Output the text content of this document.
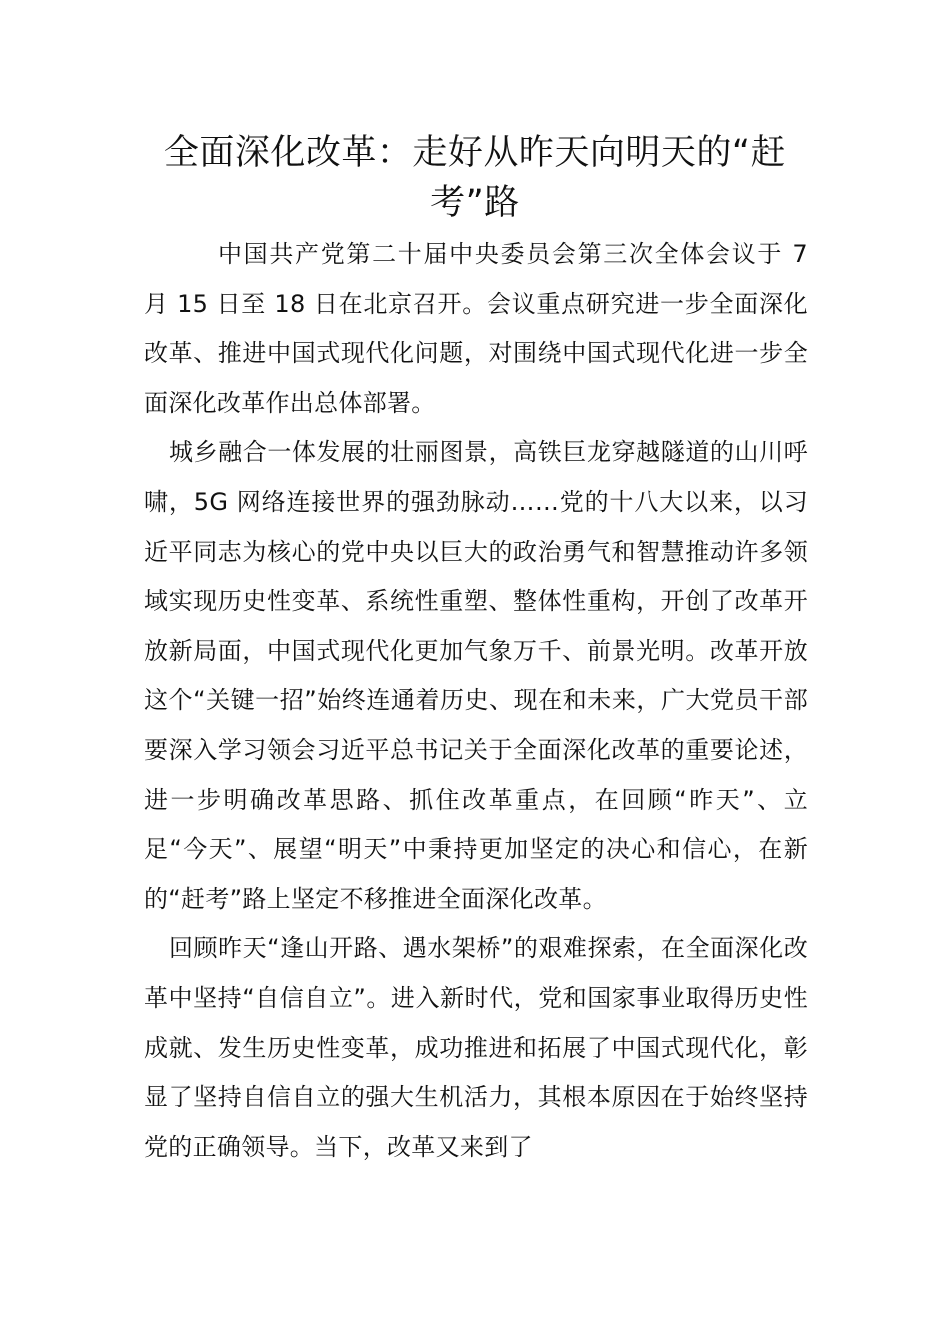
全面深化改革：走好从昨天向明天的“赶考”路

中国共产党第二十届中央委员会第三次全体会议于 7 月 15 日至 18 日在北京召开。会议重点研究进一步全面深化改革、推进中国式现代化问题，对围绕中国式现代化进一步全面深化改革作出总体部署。

城乡融合一体发展的壮丽图景，高铁巨龙穿越隧道的山川呼啸，5G 网络连接世界的强劲脉动……党的十八大以来，以习近平同志为核心的党中央以巨大的政治勇气和智慧推动许多领域实现历史性变革、系统性重塑、整体性重构，开创了改革开放新局面，中国式现代化更加气象万千、前景光明。改革开放这个“关键一招”始终连通着历史、现在和未来，广大党员干部要深入学习领会习近平总书记关于全面深化改革的重要论述，进一步明确改革思路、抓住改革重点，在回顾“昨天”、立足“今天”、展望“明天”中秉持更加坚定的决心和信心，在新的“赶考”路上坚定不移推进全面深化改革。

回顾昨天“逢山开路、遇水架桥”的艰难探索，在全面深化改革中坚持“自信自立”。进入新时代，党和国家事业取得历史性成就、发生历史性变革，成功推进和拓展了中国式现代化，彰显了坚持自信自立的强大生机活力，其根本原因在于始终坚持党的正确领导。当下，改革又来到了
